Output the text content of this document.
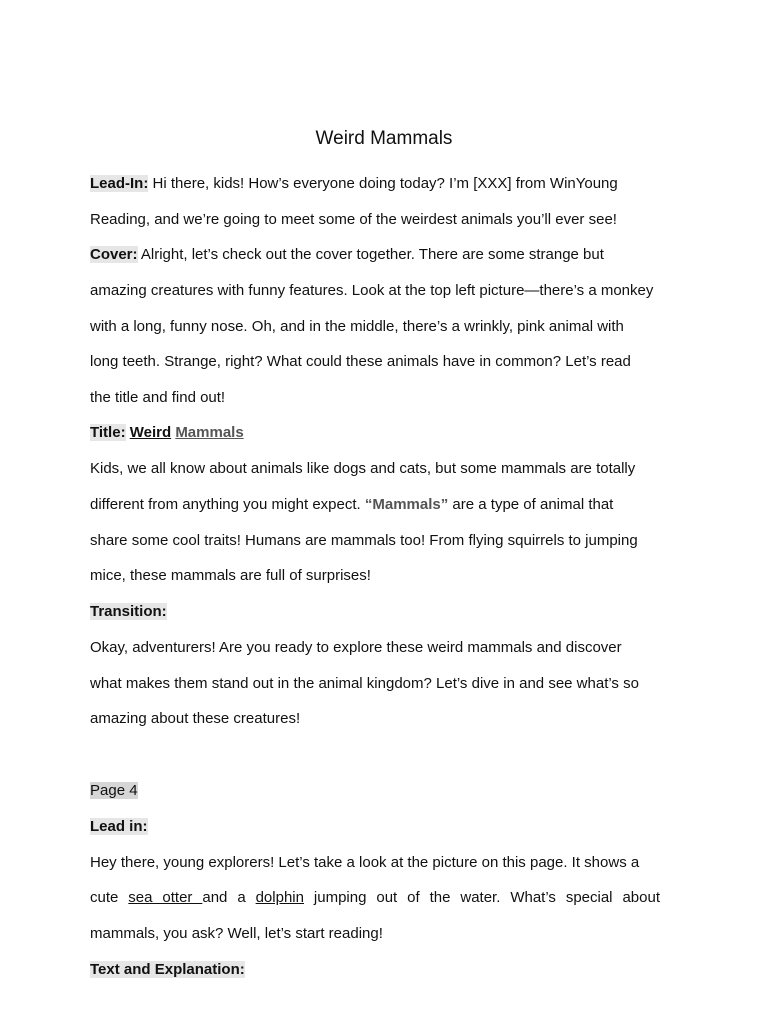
Weird Mammals
Lead-In: Hi there, kids! How’s everyone doing today? I’m [XXX] from WinYoung
Reading, and we’re going to meet some of the weirdest animals you’ll ever see!
Cover: Alright, let’s check out the cover together. There are some strange but
amazing creatures with funny features. Look at the top left picture—there’s a monkey
with a long, funny nose. Oh, and in the middle, there’s a wrinkly, pink animal with
long teeth. Strange, right? What could these animals have in common? Let’s read
the title and find out!
Title: Weird Mammals
Kids, we all know about animals like dogs and cats, but some mammals are totally
different from anything you might expect. “Mammals” are a type of animal that
share some cool traits! Humans are mammals too! From flying squirrels to jumping
mice, these mammals are full of surprises!
Transition:
Okay, adventurers! Are you ready to explore these weird mammals and discover
what makes them stand out in the animal kingdom? Let’s dive in and see what’s so
amazing about these creatures!
Page 4
Lead in:
Hey there, young explorers! Let’s take a look at the picture on this page. It shows a
cute sea otter and a dolphin jumping out of the water. What’s special about
mammals, you ask? Well, let’s start reading!
Text and Explanation:
